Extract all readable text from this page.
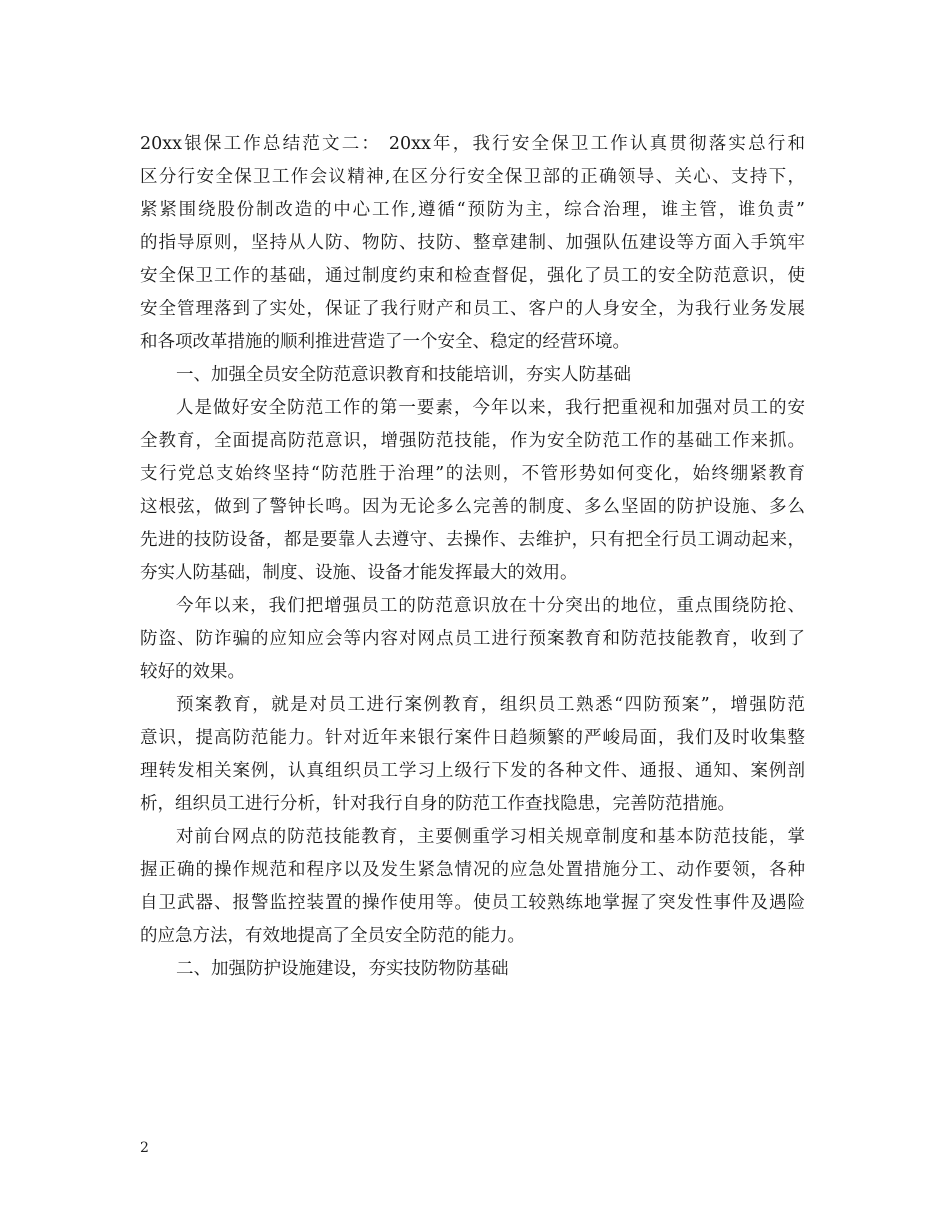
20xx银保工作总结范文二： 20xx年，我行安全保卫工作认真贯彻落实总行和
区分行安全保卫工作会议精神,在区分行安全保卫部的正确领导、关心、支持下，
紧紧围绕股份制改造的中心工作,遵循“预防为主，综合治理，谁主管，谁负责”
的指导原则，坚持从人防、物防、技防、整章建制、加强队伍建设等方面入手筑牢
安全保卫工作的基础，通过制度约束和检查督促，强化了员工的安全防范意识，使
安全管理落到了实处，保证了我行财产和员工、客户的人身安全，为我行业务发展
和各项改革措施的顺利推进营造了一个安全、稳定的经营环境。
一、加强全员安全防范意识教育和技能培训，夯实人防基础
人是做好安全防范工作的第一要素，今年以来，我行把重视和加强对员工的安
全教育，全面提高防范意识，增强防范技能，作为安全防范工作的基础工作来抓。
支行党总支始终坚持“防范胜于治理”的法则，不管形势如何变化，始终绷紧教育
这根弦，做到了警钟长鸣。因为无论多么完善的制度、多么坚固的防护设施、多么
先进的技防设备，都是要靠人去遵守、去操作、去维护，只有把全行员工调动起来，
夯实人防基础，制度、设施、设备才能发挥最大的效用。
今年以来，我们把增强员工的防范意识放在十分突出的地位，重点围绕防抢、
防盗、防诈骗的应知应会等内容对网点员工进行预案教育和防范技能教育，收到了
较好的效果。
预案教育，就是对员工进行案例教育，组织员工熟悉“四防预案”，增强防范
意识，提高防范能力。针对近年来银行案件日趋频繁的严峻局面，我们及时收集整
理转发相关案例，认真组织员工学习上级行下发的各种文件、通报、通知、案例剖
析，组织员工进行分析，针对我行自身的防范工作查找隐患，完善防范措施。
对前台网点的防范技能教育，主要侧重学习相关规章制度和基本防范技能，掌
握正确的操作规范和程序以及发生紧急情况的应急处置措施分工、动作要领，各种
自卫武器、报警监控装置的操作使用等。使员工较熟练地掌握了突发性事件及遇险
的应急方法，有效地提高了全员安全防范的能力。
二、加强防护设施建设，夯实技防物防基础
2
